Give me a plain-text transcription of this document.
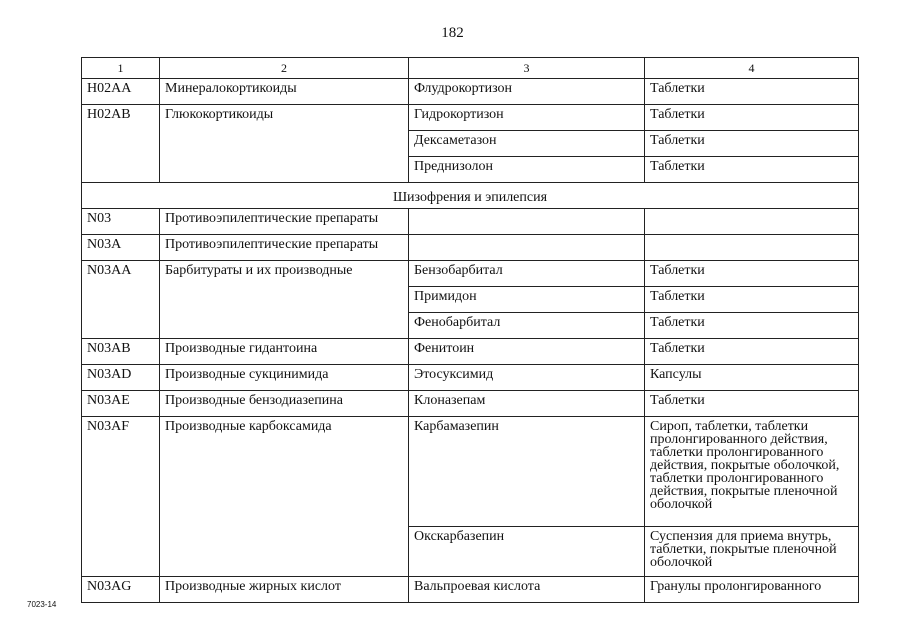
182
1	2	3	4
H02AA	Минералокортикоиды	Флудрокортизон	Таблетки
H02AB	Глюкокортикоиды	Гидрокортизон	Таблетки
		Дексаметазон	Таблетки
		Преднизолон	Таблетки
Шизофрения и эпилепсия			
N03	Противоэпилептические препараты		
N03A	Противоэпилептические препараты		
N03AA	Барбитураты и их производные	Бензобарбитал	Таблетки
		Примидон	Таблетки
		Фенобарбитал	Таблетки
N03AB	Производные гидантоина	Фенитоин	Таблетки
N03AD	Производные сукцинимида	Этосуксимид	Капсулы
N03AE	Производные бензодиазепина	Клоназепам	Таблетки
N03AF	Производные карбоксамида	Карбамазепин	Сироп, таблетки, таблетки пролонгированного действия, таблетки пролонгированного действия, покрытые оболочкой, таблетки пролонгированного действия, покрытые пленочной оболочкой
		Окскарбазепин	Суспензия для приема внутрь, таблетки, покрытые пленочной оболочкой
N03AG	Производные жирных кислот	Вальпроевая кислота	Гранулы пролонгированного
7023-14
